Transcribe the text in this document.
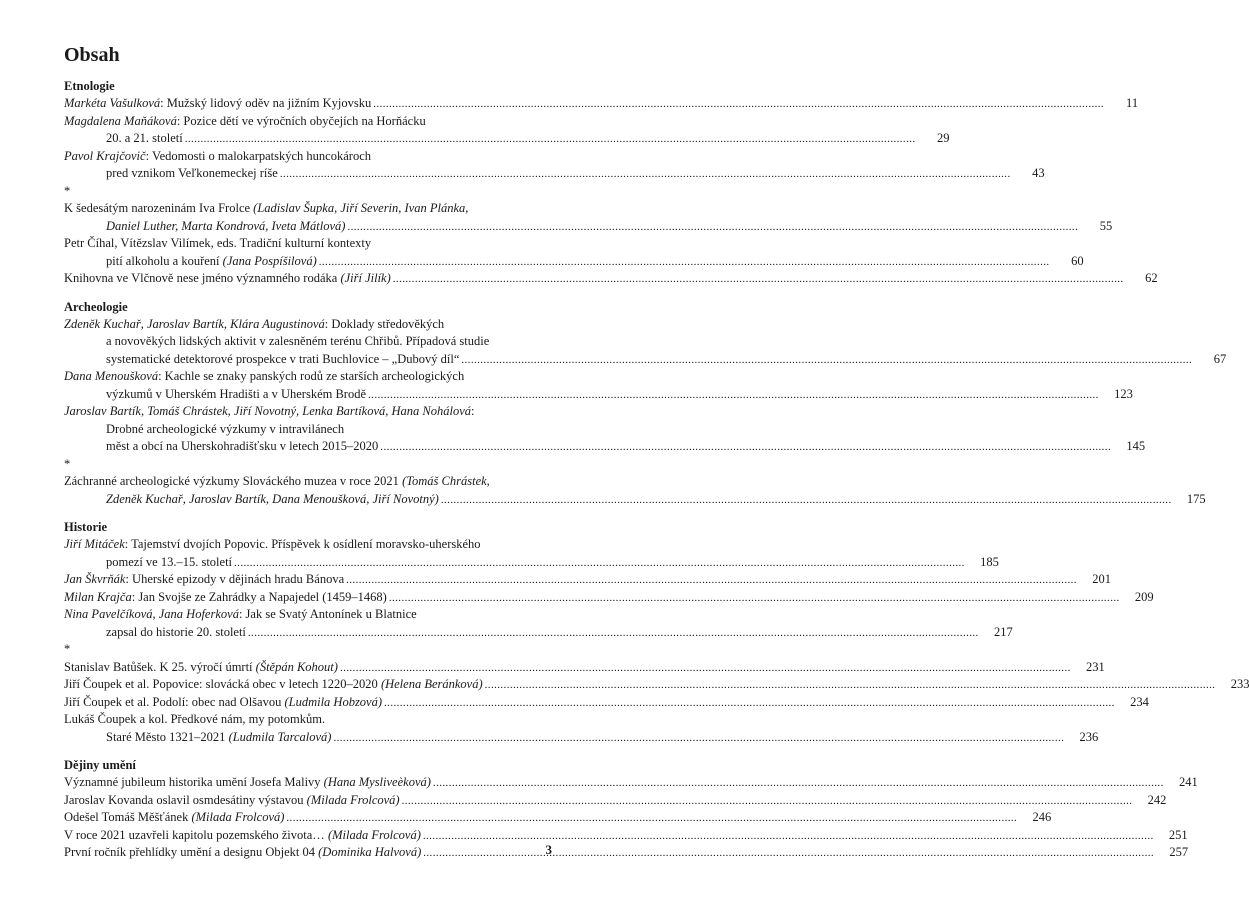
Obsah
Etnologie
Markéta Vašulková: Mužský lidový oděv na jižním Kyjovsku .....	11
Magdalena Maňáková: Pozice dětí ve výročních obyčejích na Horňácku
20. a 21. století .....	29
Pavol Krajčovič: Vedomosti o malokarpatských huncokároch
pred vznikom Veľkonemeckej ríše .....	43
*
K šedesátým narozeninám Iva Frolce (Ladislav Šupka, Jiří Severin, Ivan Plánka,
Daniel Luther, Marta Kondrová, Iveta Mátlová) .....	55
Petr Číhal, Vítězslav Vilímek, eds. Tradiční kulturní kontexty
pití alkoholu a kouření (Jana Pospíšilová) .....	60
Knihovna ve Vlčnově nese jméno významného rodáka (Jiří Jilík) .....	62
Archeologie
Zdeněk Kuchař, Jaroslav Bartík, Klára Augustinová: Doklady středověkých
a novověkých lidských aktivit v zalesněném terénu Chřibů. Případová studie
systematické detektorové prospekce v trati Buchlovice – „Dubový díl“ .....	67
Dana Menoušková: Kachle se znaky panských rodů ze starších archeologických
výzkumů v Uherském Hradišti a v Uherském Brodě .....	123
Jaroslav Bartík, Tomáš Chrástek, Jiří Novotný, Lenka Bartíková, Hana Nohálová:
Drobné archeologické výzkumy v intravilánech
měst a obcí na Uherskohradišťsku v letech 2015–2020 .....	145
*
Záchranné archeologické výzkumy Slováckého muzea v roce 2021 (Tomáš Chrástek,
Zdeněk Kuchař, Jaroslav Bartík, Dana Menoušková, Jiří Novotný) .....	175
Historie
Jiří Mitáček: Tajemství dvojích Popovic. Příspěvek k osídlení moravsko-uherského
pomezí ve 13.–15. století .....	185
Jan Škvrňák: Uherské epizody v dějinách hradu Bánova .....	201
Milan Krajča: Jan Svojše ze Zahrádky a Napajedel (1459–1468) .....	209
Nina Pavelčíková, Jana Hoferková: Jak se Svatý Antonínek u Blatnice
zapsal do historie 20. století .....	217
*
Stanislav Batůšek. K 25. výročí úmrtí (Štěpán Kohout) .....	231
Jiří Čoupek et al. Popovice: slovácká obec v letech 1220–2020 (Helena Beránková) .....	233
Jiří Čoupek et al. Podolí: obec nad Olšavou (Ludmila Hobzová) .....	234
Lukáš Čoupek a kol. Předkové nám, my potomkům.
Staré Město 1321–2021 (Ludmila Tarcalová) .....	236
Dějiny umění
Významné jubileum historika umění Josefa Malivy (Hana Mysliveèková) .....	241
Jaroslav Kovanda oslavil osmdesátiny výstavou (Milada Frolcová) .....	242
Odešel Tomáš Měšťánek (Milada Frolcová) .....	246
V roce 2021 uzavřeli kapitolu pozemského života… (Milada Frolcová) .....	251
První ročník přehlídky umění a designu Objekt 04 (Dominika Halvová) .....	257
3
